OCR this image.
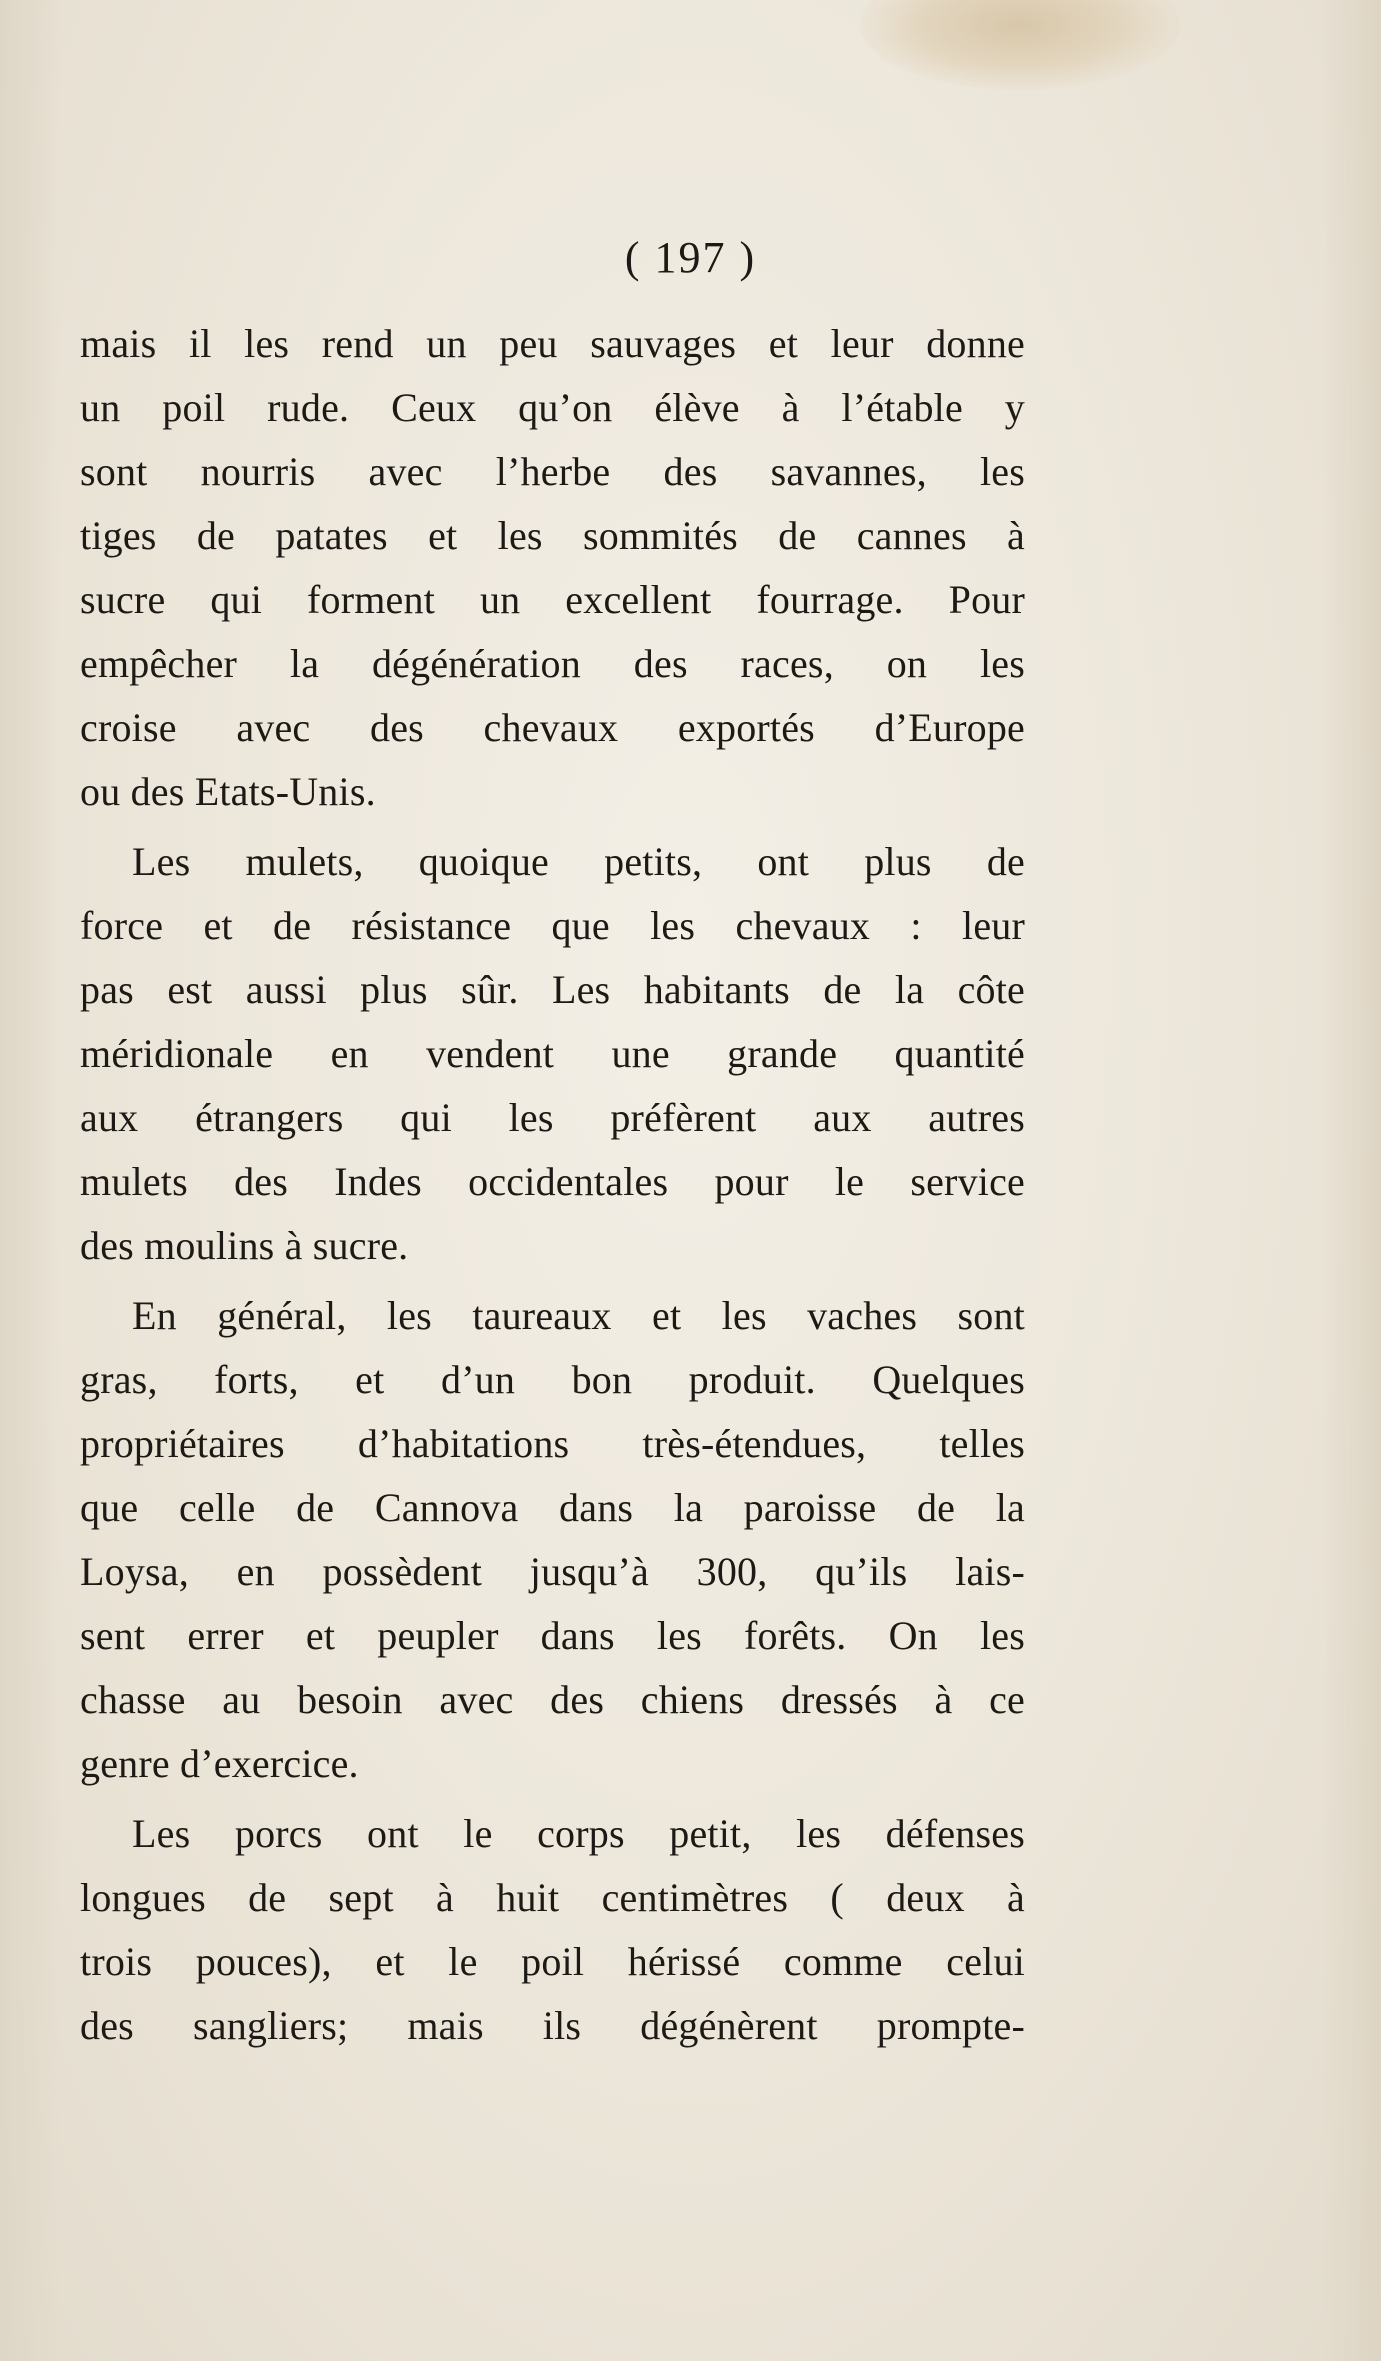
( 197 )
mais il les rend un peu sauvages et leur donne
un poil rude. Ceux qu’on élève à l’étable y
sont nourris avec l’herbe des savannes, les
tiges de patates et les sommités de cannes à
sucre qui forment un excellent fourrage. Pour
empêcher la dégénération des races, on les
croise avec des chevaux exportés d’Europe
ou des Etats-Unis.
Les mulets, quoique petits, ont plus de
force et de résistance que les chevaux : leur
pas est aussi plus sûr. Les habitants de la côte
méridionale en vendent une grande quantité
aux étrangers qui les préfèrent aux autres
mulets des Indes occidentales pour le service
des moulins à sucre.
En général, les taureaux et les vaches sont
gras, forts, et d’un bon produit. Quelques
propriétaires d’habitations très-étendues, telles
que celle de Cannova dans la paroisse de la
Loysa, en possèdent jusqu’à 300, qu’ils lais-
sent errer et peupler dans les forêts. On les
chasse au besoin avec des chiens dressés à ce
genre d’exercice.
Les porcs ont le corps petit, les défenses
longues de sept à huit centimètres ( deux à
trois pouces), et le poil hérissé comme celui
des sangliers; mais ils dégénèrent prompte-
